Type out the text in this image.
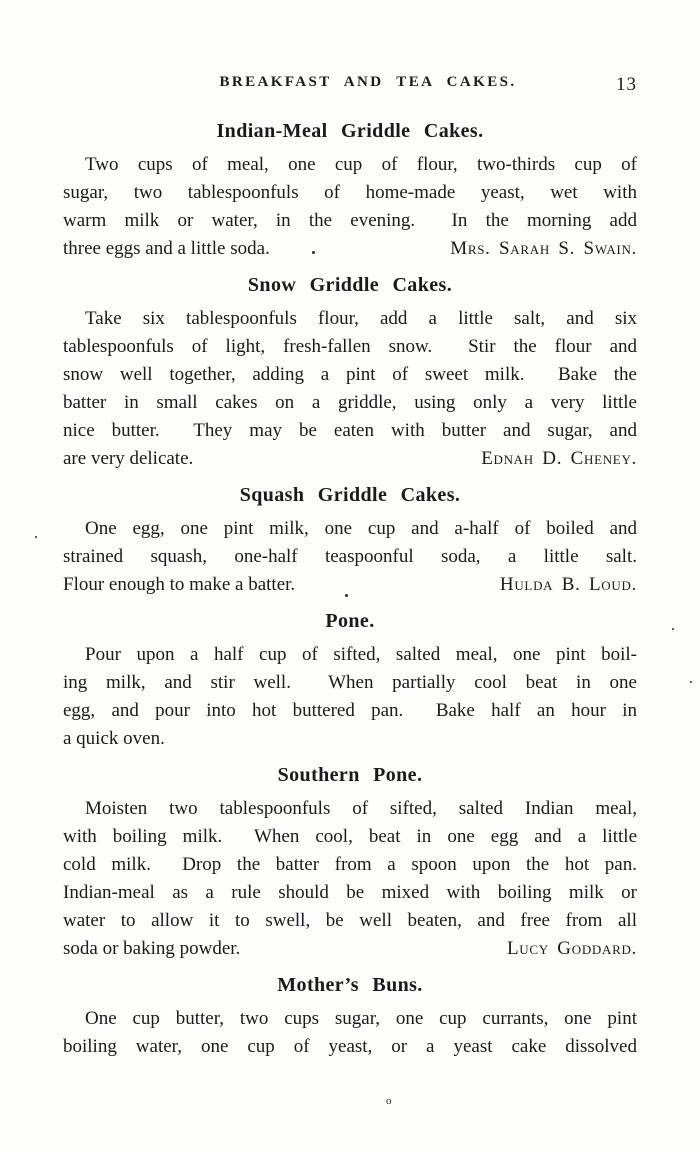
BREAKFAST AND TEA CAKES.	13
Indian-Meal Griddle Cakes.
Two cups of meal, one cup of flour, two-thirds cup of
sugar, two tablespoonfuls of home-made yeast, wet with
warm milk or water, in the evening.  In the morning add
three eggs and a little soda.	Mrs. Sarah S. Swain.
Snow Griddle Cakes.
Take six tablespoonfuls flour, add a little salt, and six
tablespoonfuls of light, fresh-fallen snow.  Stir the flour and
snow well together, adding a pint of sweet milk.  Bake the
batter in small cakes on a griddle, using only a very little
nice butter.  They may be eaten with butter and sugar, and
are very delicate.	Ednah D. Cheney.
Squash Griddle Cakes.
One egg, one pint milk, one cup and a-half of boiled and
strained squash, one-half teaspoonful soda, a little salt.
Flour enough to make a batter.	Hulda B. Loud.
Pone.
Pour upon a half cup of sifted, salted meal, one pint boil-
ing milk, and stir well.  When partially cool beat in one
egg, and pour into hot buttered pan.  Bake half an hour in
a quick oven.
Southern Pone.
Moisten two tablespoonfuls of sifted, salted Indian meal,
with boiling milk.  When cool, beat in one egg and a little
cold milk.  Drop the batter from a spoon upon the hot pan.
Indian-meal as a rule should be mixed with boiling milk or
water to allow it to swell, be well beaten, and free from all
soda or baking powder.	Lucy Goddard.
Mother’s Buns.
One cup butter, two cups sugar, one cup currants, one pint
boiling water, one cup of yeast, or a yeast cake dissolved
o
